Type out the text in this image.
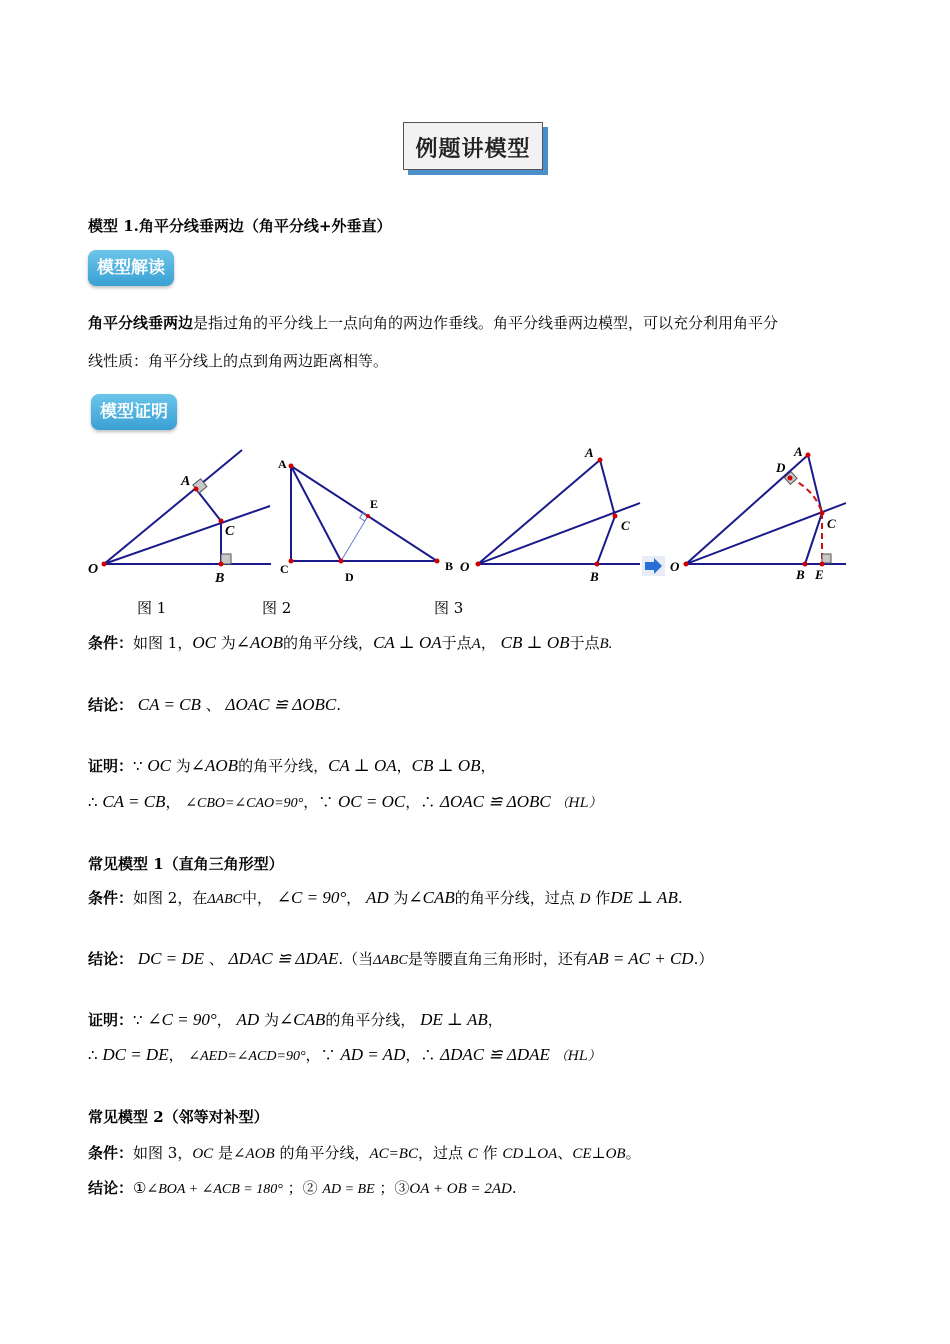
例题讲模型
模型 1.角平分线垂两边（角平分线+外垂直）
模型解读
角平分线垂两边是指过角的平分线上一点向角的两边作垂线。角平分线垂两边模型，可以充分利用角平分
线性质：角平分线上的点到角两边距离相等。
模型证明
A
C
O
B
A
E
C
D
B
A
C
O
B
A
D
C
O
B E
图 1	图 2	图 3
条件：如图 1，OC 为∠AOB的角平分线，CA ⊥ OA于点A， CB ⊥ OB于点B.
结论： CA = CB 、 ΔOAC ≌ ΔOBC.
证明：∵ OC 为∠AOB的角平分线，CA ⊥ OA，CB ⊥ OB，
∴ CA = CB， ∠CBO=∠CAO=90°，∵ OC = OC，∴ ΔOAC ≌ ΔOBC （HL）
常见模型 1（直角三角形型）
条件：如图 2，在ΔABC中， ∠C = 90°， AD 为∠CAB的角平分线，过点 D 作DE ⊥ AB.
结论： DC = DE 、 ΔDAC ≌ ΔDAE.（当ΔABC是等腰直角三角形时，还有AB = AC + CD.）
证明：∵ ∠C = 90°， AD 为∠CAB的角平分线， DE ⊥ AB，
∴ DC = DE， ∠AED=∠ACD=90°，∵ AD = AD，∴ ΔDAC ≌ ΔDAE （HL）
常见模型 2（邻等对补型）
条件：如图 3，OC 是∠AOB 的角平分线，AC=BC，过点 C 作 CD⊥OA、CE⊥OB。
结论：①∠BOA + ∠ACB = 180° ；② AD = BE ；③OA + OB = 2AD.
